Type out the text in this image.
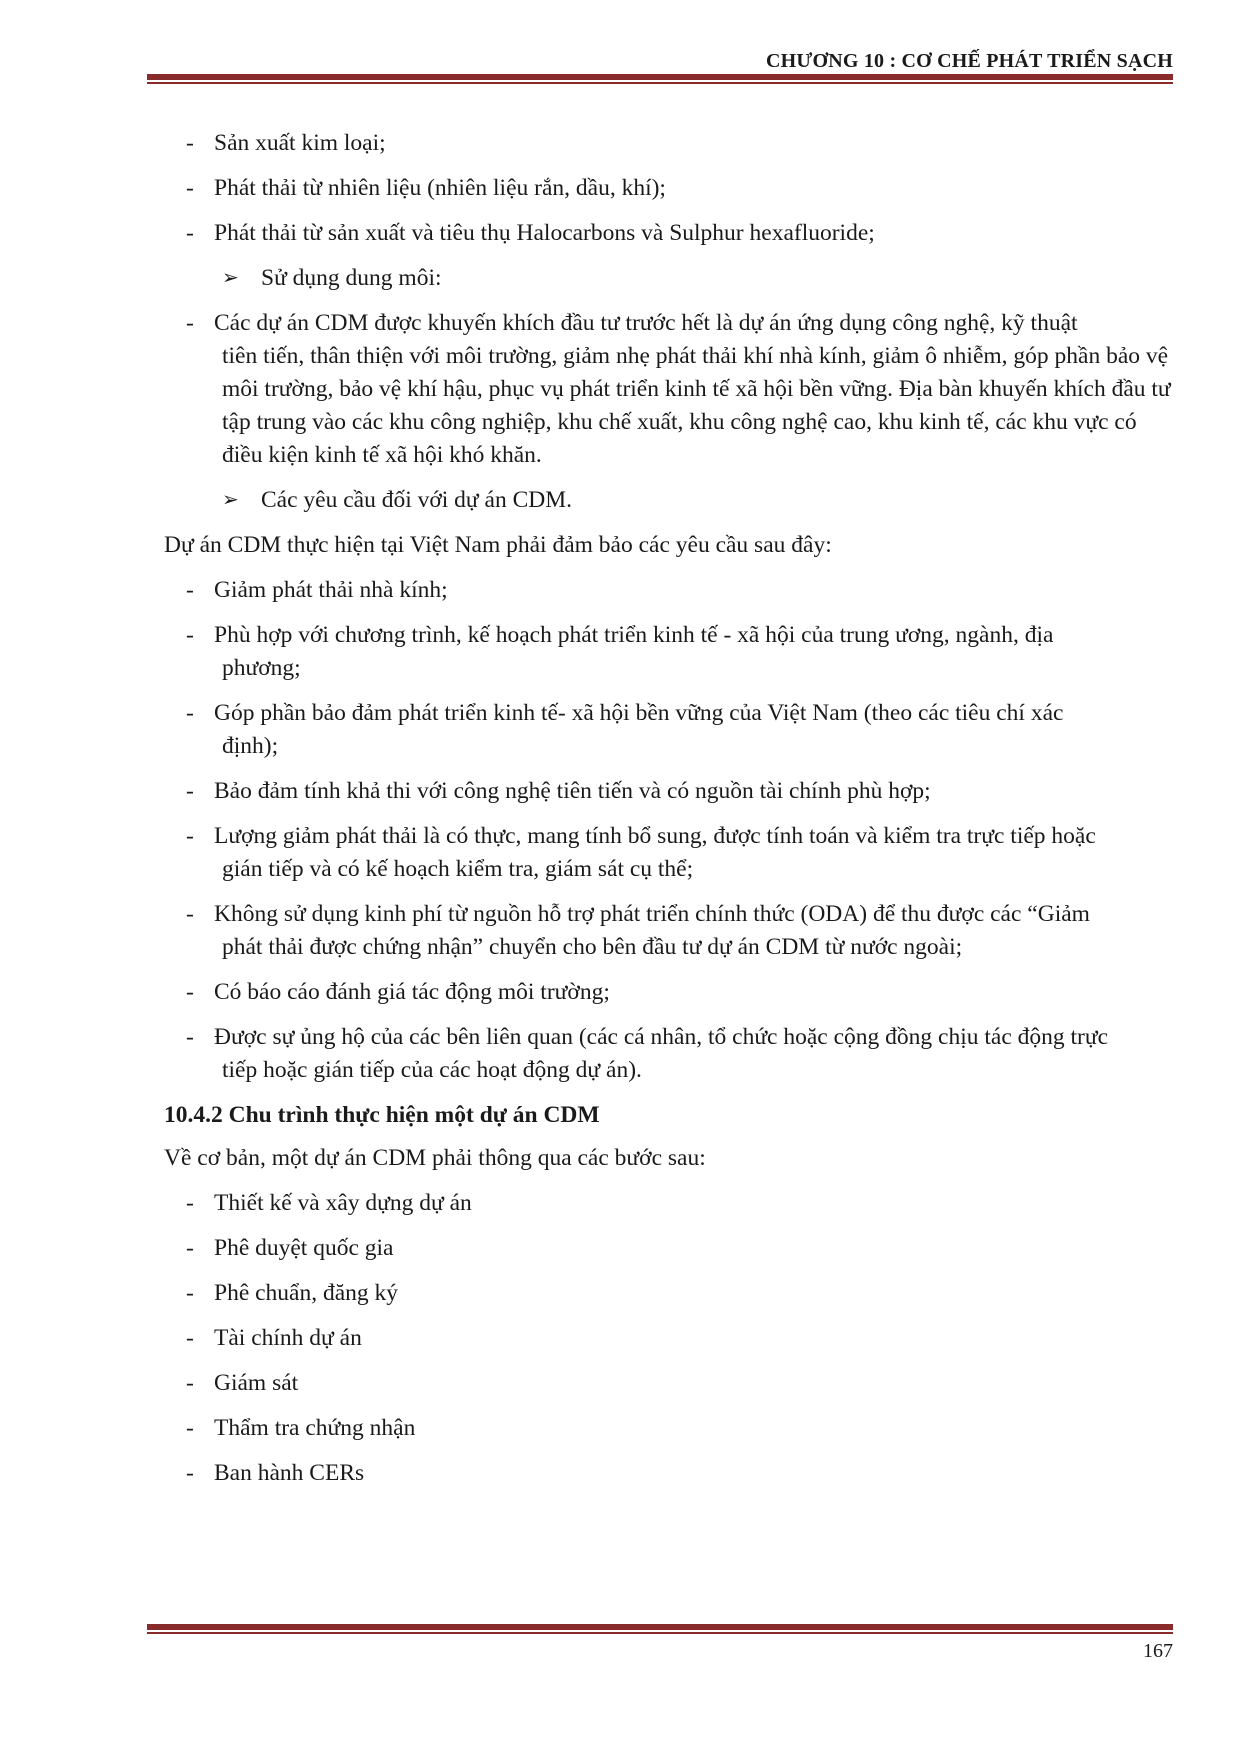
CHƯƠNG 10 : CƠ CHẾ PHÁT TRIỂN SẠCH
- Sản xuất kim loại;
- Phát thải từ nhiên liệu (nhiên liệu rắn, dầu, khí);
- Phát thải từ sản xuất và tiêu thụ Halocarbons và Sulphur hexafluoride;
➢ Sử dụng dung môi:
- Các dự án CDM được khuyến khích đầu tư trước hết là dự án ứng dụng công nghệ, kỹ thuật
tiên tiến, thân thiện với môi trường, giảm nhẹ phát thải khí nhà kính, giảm ô nhiễm, góp phần bảo vệ môi trường, bảo vệ khí hậu, phục vụ phát triển kinh tế xã hội bền vững. Địa bàn khuyến khích đầu tư tập trung vào các khu công nghiệp, khu chế xuất, khu công nghệ cao, khu kinh tế, các khu vực có điều kiện kinh tế xã hội khó khăn.
➢ Các yêu cầu đối với dự án CDM.
Dự án CDM thực hiện tại Việt Nam phải đảm bảo các yêu cầu sau đây:
- Giảm phát thải nhà kính;
- Phù hợp với chương trình, kế hoạch phát triển kinh tế - xã hội của trung ương, ngành, địa
phương;
- Góp phần bảo đảm phát triển kinh tế- xã hội bền vững của Việt Nam (theo các tiêu chí xác
định);
- Bảo đảm tính khả thi với công nghệ tiên tiến và có nguồn tài chính phù hợp;
- Lượng giảm phát thải là có thực, mang tính bổ sung, được tính toán và kiểm tra trực tiếp hoặc
gián tiếp và có kế hoạch kiểm tra, giám sát cụ thể;
- Không sử dụng kinh phí từ nguồn hỗ trợ phát triển chính thức (ODA) để thu được các “Giảm
phát thải được chứng nhận” chuyển cho bên đầu tư dự án CDM từ nước ngoài;
- Có báo cáo đánh giá tác động môi trường;
- Được sự ủng hộ của các bên liên quan (các cá nhân, tổ chức hoặc cộng đồng chịu tác động trực
tiếp hoặc gián tiếp của các hoạt động dự án).
10.4.2 Chu trình thực hiện một dự án CDM
Về cơ bản, một dự án CDM phải thông qua các bước sau:
- Thiết kế và xây dựng dự án
- Phê duyệt quốc gia
- Phê chuẩn, đăng ký
- Tài chính dự án
- Giám sát
- Thẩm tra chứng nhận
- Ban hành CERs
167
